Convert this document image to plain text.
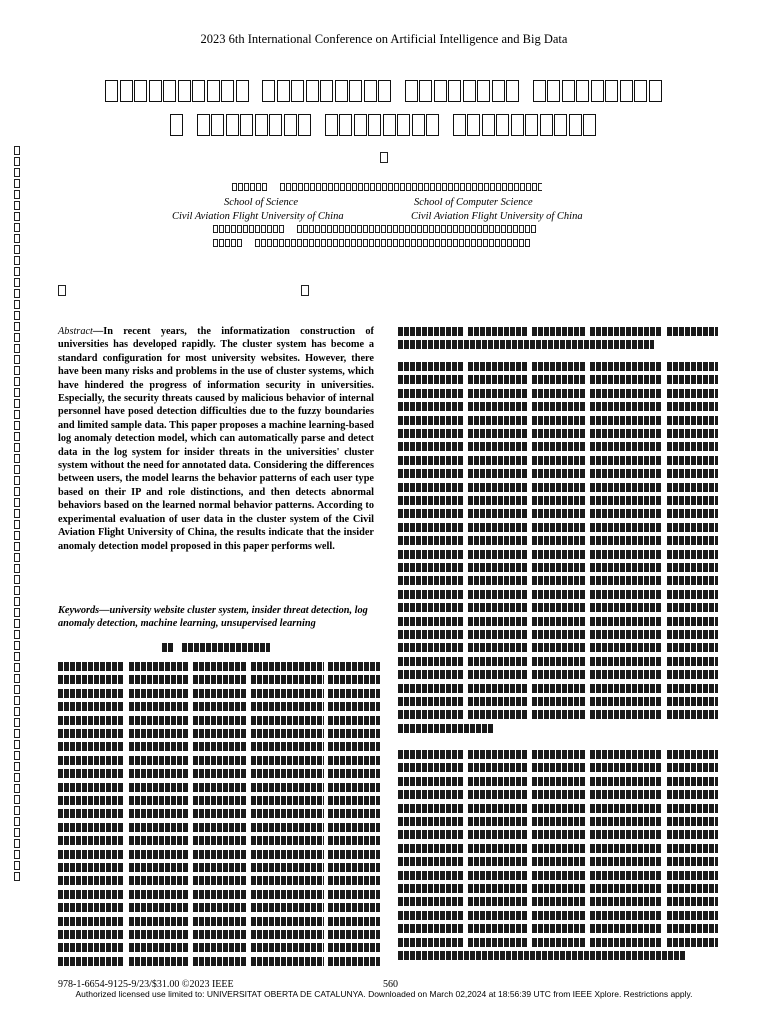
2023 6th International Conference on Artificial Intelligence and Big Data
School of Science
Civil Aviation Flight University of China
School of Computer Science
Civil Aviation Flight University of China
Abstract—In recent years, the informatization construction of universities has developed rapidly. The cluster system has become a standard configuration for most university websites. However, there have been many risks and problems in the use of cluster systems, which have hindered the progress of information security in universities. Especially, the security threats caused by malicious behavior of internal personnel have posed detection difficulties due to the fuzzy boundaries and limited sample data. This paper proposes a machine learning-based log anomaly detection model, which can automatically parse and detect data in the log system for insider threats in the universities' cluster system without the need for annotated data. Considering the differences between users, the model learns the behavior patterns of each user type based on their IP and role distinctions, and then detects abnormal behaviors based on the learned normal behavior patterns. According to experimental evaluation of user data in the cluster system of the Civil Aviation Flight University of China, the results indicate that the insider anomaly detection model proposed in this paper performs well.
Keywords—university website cluster system, insider threat detection, log anomaly detection, machine learning, unsupervised learning
978-1-6654-9125-9/23/$31.00 ©2023 IEEE	560
Authorized licensed use limited to: UNIVERSITAT OBERTA DE CATALUNYA. Downloaded on March 02,2024 at 18:56:39 UTC from IEEE Xplore. Restrictions apply.
